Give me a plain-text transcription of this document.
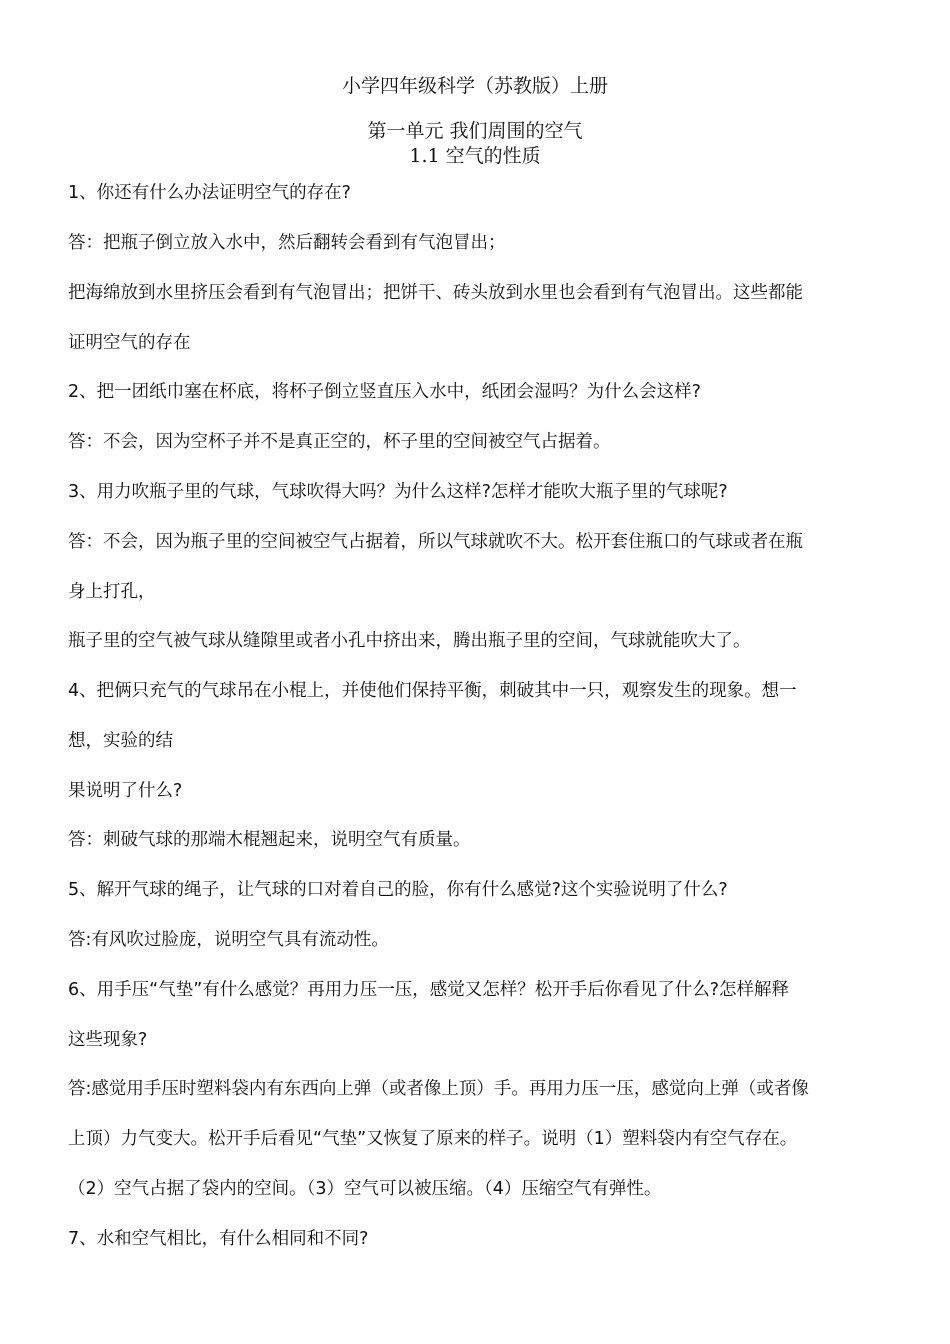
小学四年级科学（苏教版）上册
第一单元 我们周围的空气
1.1 空气的性质
1、你还有什么办法证明空气的存在?
答：把瓶子倒立放入水中，然后翻转会看到有气泡冒出；
把海绵放到水里挤压会看到有气泡冒出；把饼干、砖头放到水里也会看到有气泡冒出。这些都能
证明空气的存在
2、把一团纸巾塞在杯底，将杯子倒立竖直压入水中，纸团会湿吗？为什么会这样?
答：不会，因为空杯子并不是真正空的，杯子里的空间被空气占据着。
3、用力吹瓶子里的气球，气球吹得大吗？为什么这样?怎样才能吹大瓶子里的气球呢?
答：不会，因为瓶子里的空间被空气占据着，所以气球就吹不大。松开套住瓶口的气球或者在瓶
身上打孔，
瓶子里的空气被气球从缝隙里或者小孔中挤出来，腾出瓶子里的空间，气球就能吹大了。
4、把俩只充气的气球吊在小棍上，并使他们保持平衡，刺破其中一只，观察发生的现象。想一
想，实验的结
果说明了什么?
答：刺破气球的那端木棍翘起来，说明空气有质量。
5、解开气球的绳子，让气球的口对着自己的脸，你有什么感觉?这个实验说明了什么?
答:有风吹过脸庞，说明空气具有流动性。
6、用手压“气垫”有什么感觉？再用力压一压，感觉又怎样？松开手后你看见了什么?怎样解释
这些现象?
答:感觉用手压时塑料袋内有东西向上弹（或者像上顶）手。再用力压一压，感觉向上弹（或者像
上顶）力气变大。松开手后看见“气垫”又恢复了原来的样子。说明（1）塑料袋内有空气存在。
（2）空气占据了袋内的空间。（3）空气可以被压缩。（4）压缩空气有弹性。
7、水和空气相比，有什么相同和不同?
